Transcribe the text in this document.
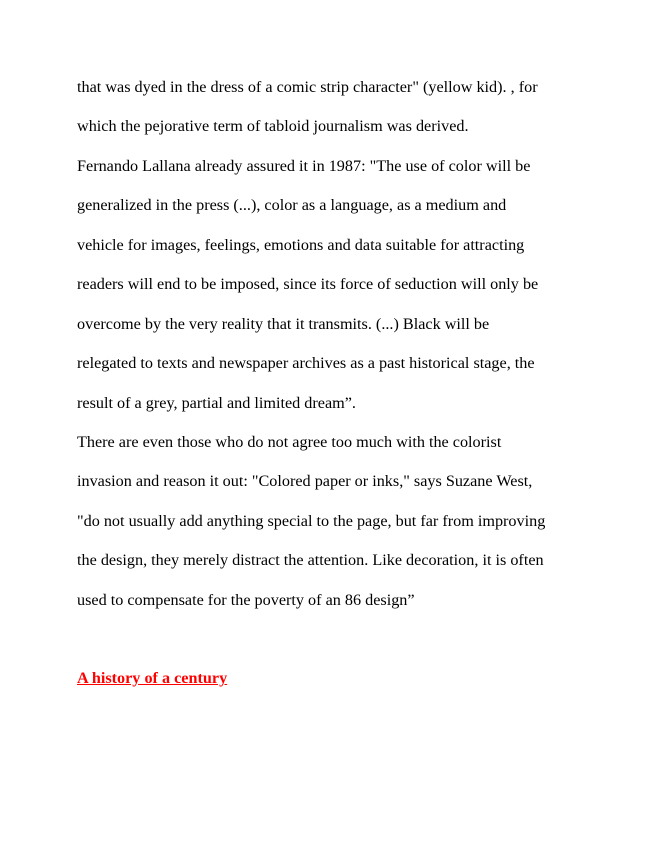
that was dyed in the dress of a comic strip character" (yellow kid). , for
which the pejorative term of tabloid journalism was derived.
Fernando Lallana already assured it in 1987: "The use of color will be
generalized in the press (...), color as a language, as a medium and
vehicle for images, feelings, emotions and data suitable for attracting
readers will end to be imposed, since its force of seduction will only be
overcome by the very reality that it transmits. (...) Black will be
relegated to texts and newspaper archives as a past historical stage, the
result of a grey, partial and limited dream”.
There are even those who do not agree too much with the colorist
invasion and reason it out: "Colored paper or inks," says Suzane West,
"do not usually add anything special to the page, but far from improving
the design, they merely distract the attention. Like decoration, it is often
used to compensate for the poverty of an 86 design”
A history of a century
